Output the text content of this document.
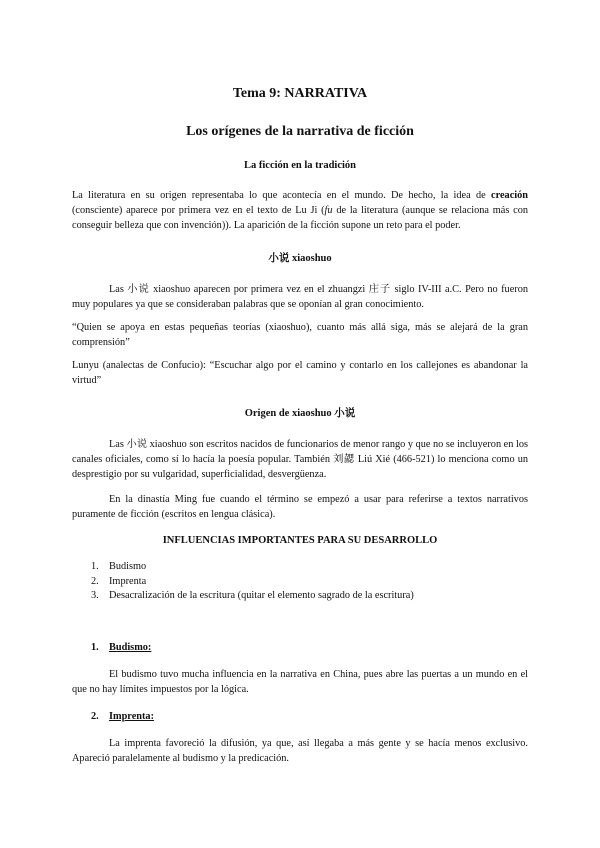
Tema 9: NARRATIVA
Los orígenes de la narrativa de ficción
La ficción en la tradición

La literatura en su origen representaba lo que acontecía en el mundo. De hecho, la idea de creación (consciente) aparece por primera vez en el texto de Lu Ji (fu de la literatura (aunque se relaciona más con conseguir belleza que con invención)). La aparición de la ficción supone un reto para el poder.

小说 xiaoshuo

Las 小说 xiaoshuo aparecen por primera vez en el zhuangzi 庄子 siglo IV-III a.C. Pero no fueron muy populares ya que se consideraban palabras que se oponían al gran conocimiento.

“Quien se apoya en estas pequeñas teorías (xiaoshuo), cuanto más allá siga, más se alejará de la gran comprensión”

Lunyu (analectas de Confucio): “Escuchar algo por el camino y contarlo en los callejones es abandonar la virtud”

Origen de xiaoshuo 小说

Las 小说 xiaoshuo son escritos nacidos de funcionarios de menor rango y que no se incluyeron en los canales oficiales, como sí lo hacía la poesía popular. También 刘勰 Liú Xié (466-521) lo menciona como un desprestigio por su vulgaridad, superficialidad, desvergüenza.

En la dinastía Ming fue cuando el término se empezó a usar para referirse a textos narrativos puramente de ficción (escritos en lengua clásica).

INFLUENCIAS IMPORTANTES PARA SU DESARROLLO
1. Budismo
2. Imprenta
3. Desacralización de la escritura (quitar el elemento sagrado de la escritura)
1. Budismo:

El budismo tuvo mucha influencia en la narrativa en China, pues abre las puertas a un mundo en el que no hay límites impuestos por la lógica.

2. Imprenta:

La imprenta favoreció la difusión, ya que, así llegaba a más gente y se hacía menos exclusivo. Apareció paralelamente al budismo y la predicación.
